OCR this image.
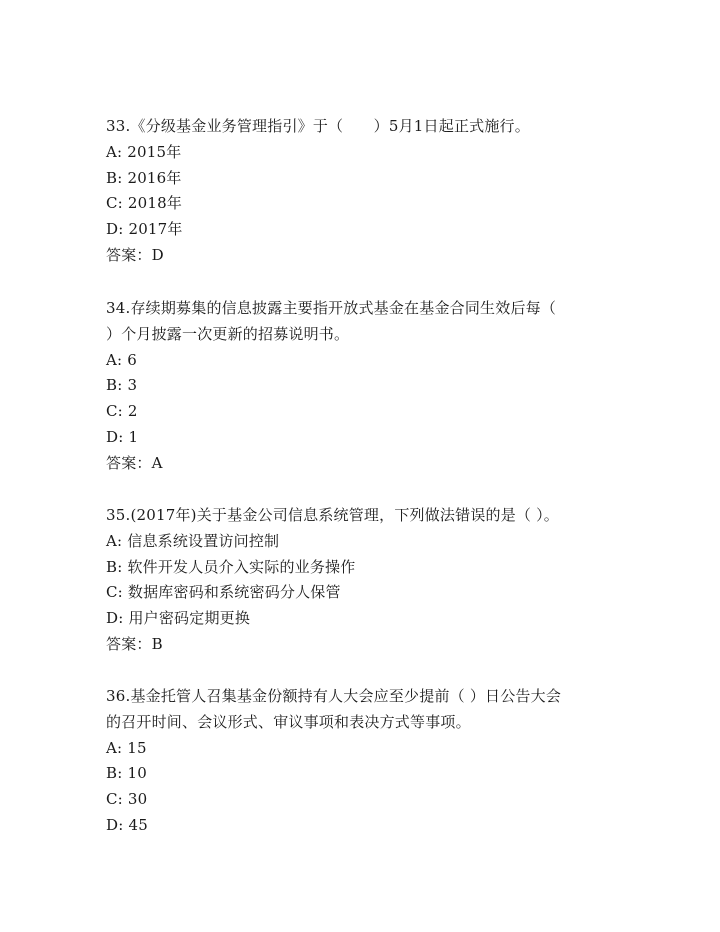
33.《分级基金业务管理指引》于（　　）5月1日起正式施行。
A: 2015年
B: 2016年
C: 2018年
D: 2017年
答案：D
34.存续期募集的信息披露主要指开放式基金在基金合同生效后每（
）个月披露一次更新的招募说明书。
A: 6
B: 3
C: 2
D: 1
答案：A
35.(2017年)关于基金公司信息系统管理，下列做法错误的是（ ）。
A: 信息系统设置访问控制
B: 软件开发人员介入实际的业务操作
C: 数据库密码和系统密码分人保管
D: 用户密码定期更换
答案：B
36.基金托管人召集基金份额持有人大会应至少提前（ ）日公告大会
的召开时间、会议形式、审议事项和表决方式等事项。
A: 15
B: 10
C: 30
D: 45
